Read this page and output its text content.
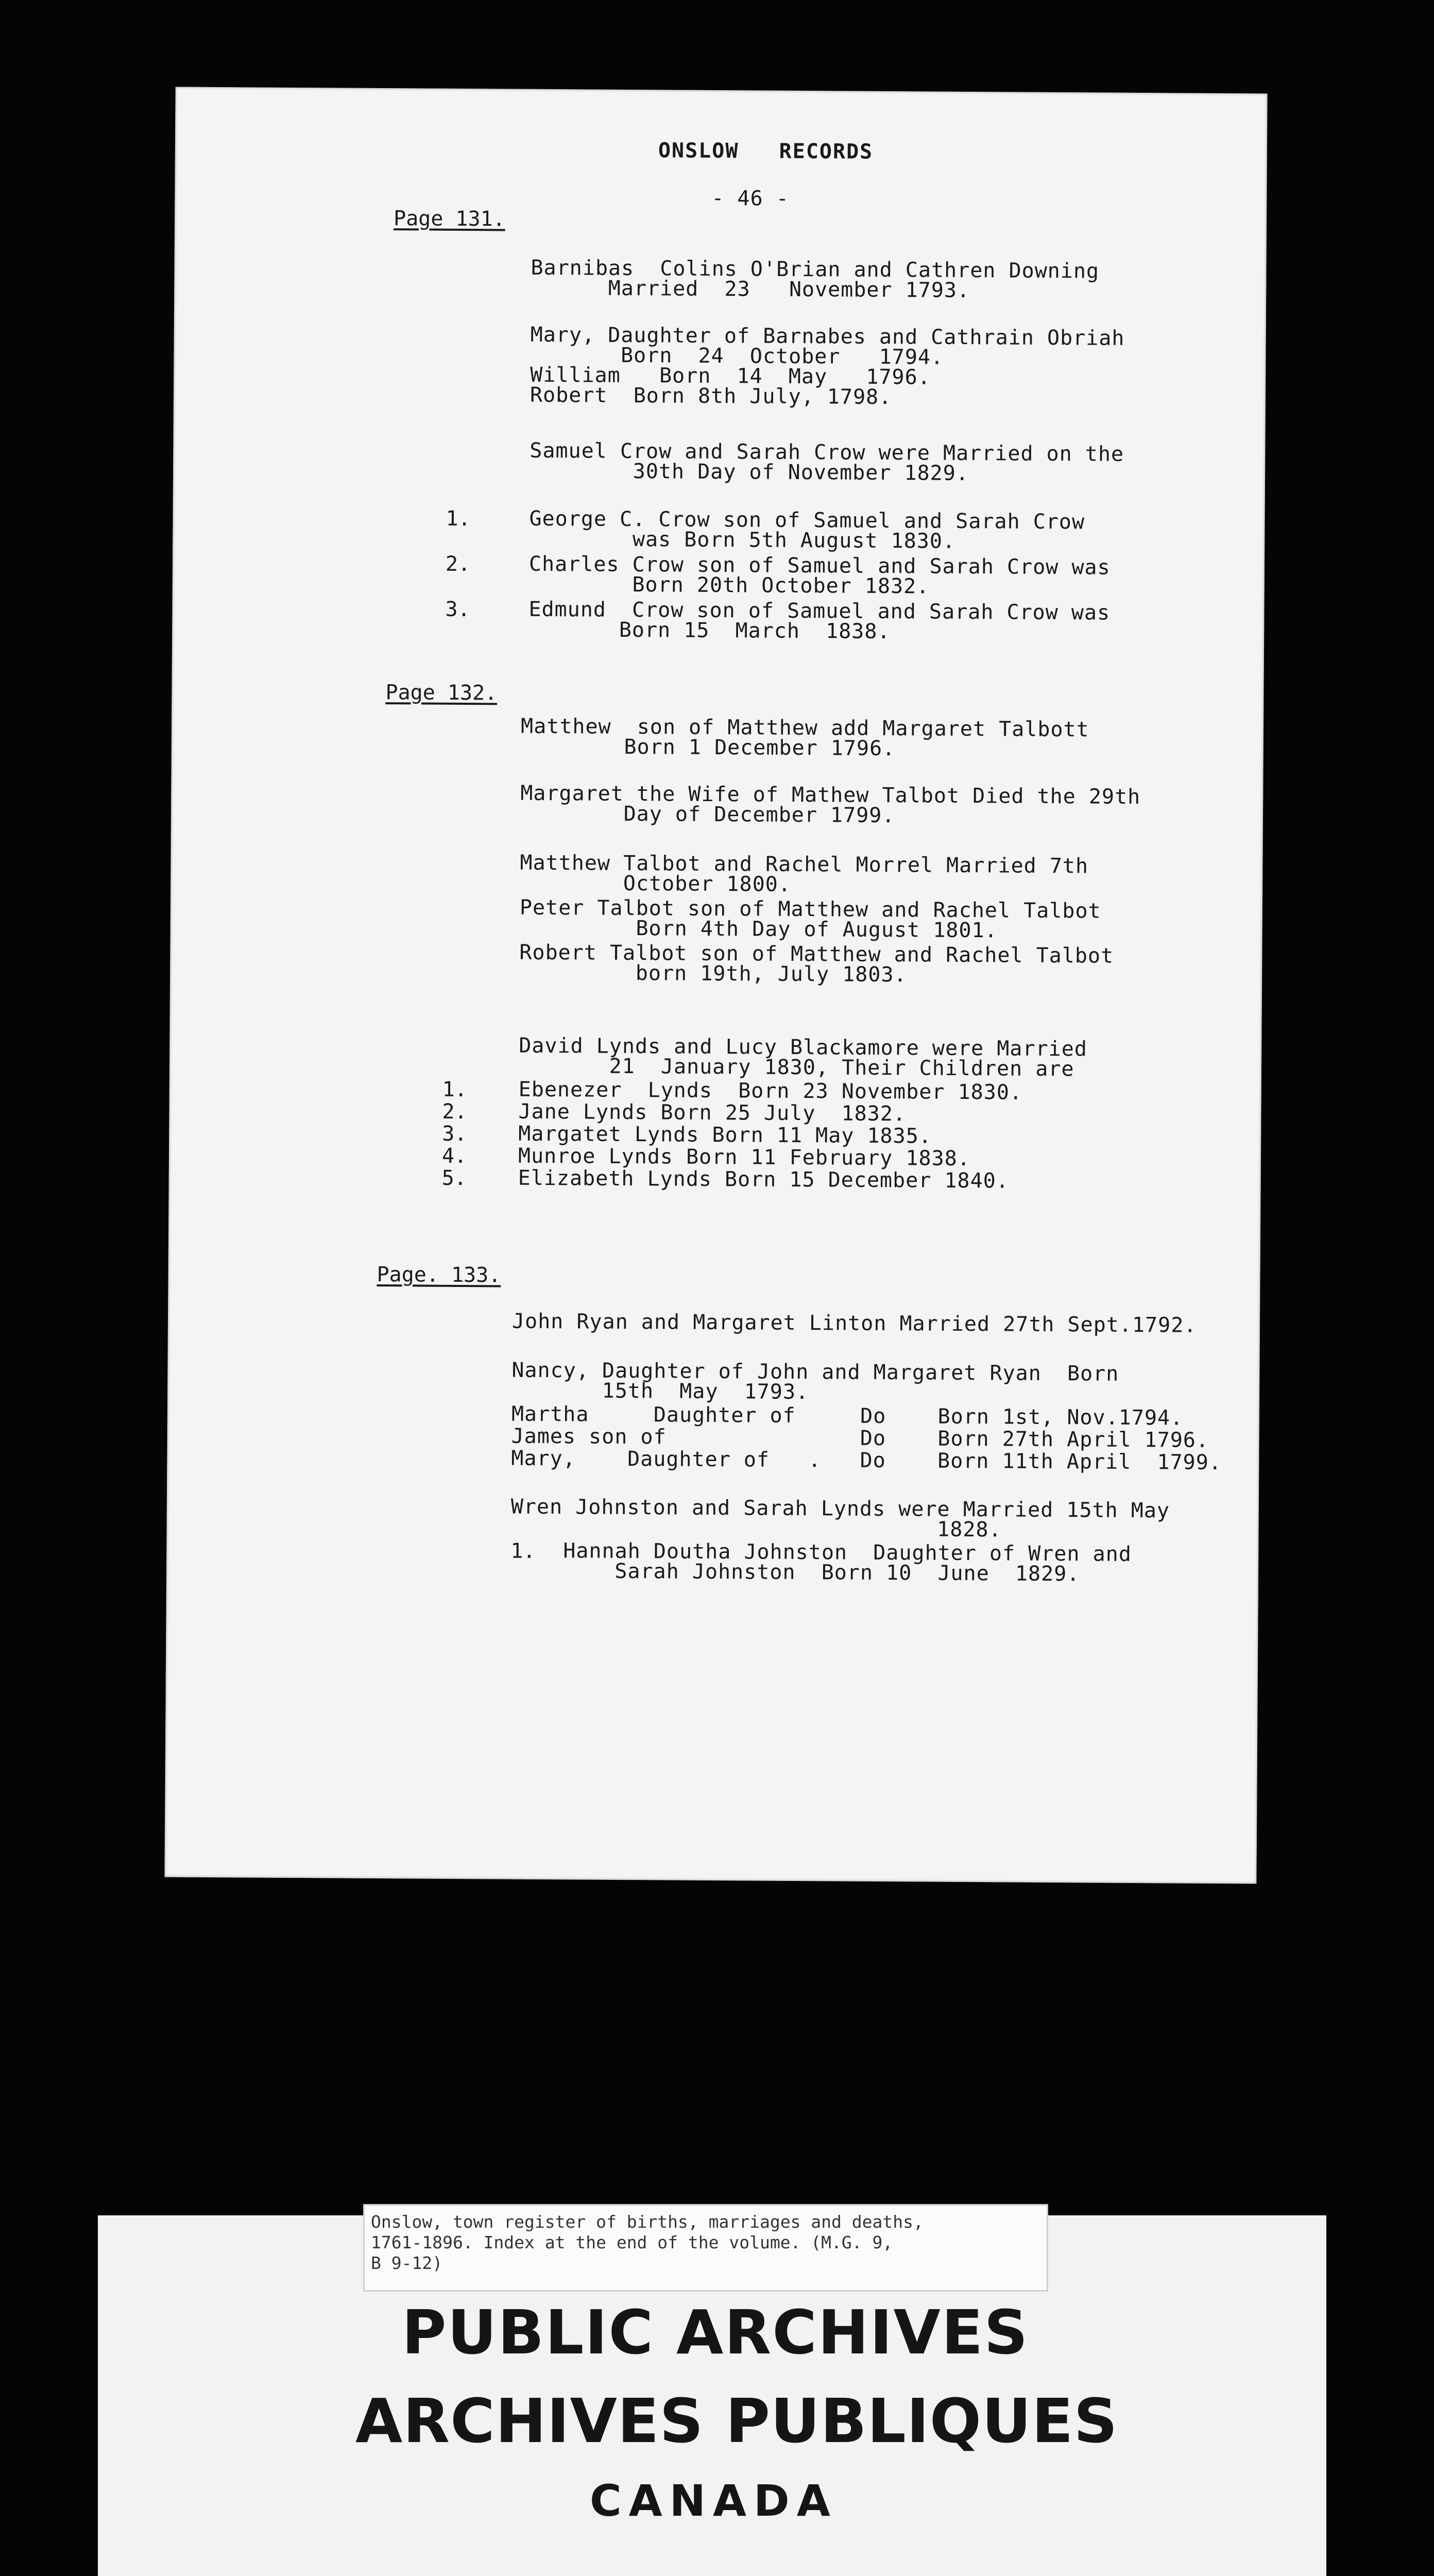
ONSLOW   RECORDS
- 46 -
Page 131.
Barnibas  Colins O'Brian and Cathren Downing
Married  23   November 1793.
Mary, Daughter of Barnabes and Cathrain Obriah
Born  24  October   1794.
William   Born  14  May   1796.
Robert  Born 8th July, 1798.
Samuel Crow and Sarah Crow were Married on the
30th Day of November 1829.
1.	George C. Crow son of Samuel and Sarah Crow
was Born 5th August 1830.
2.	Charles Crow son of Samuel and Sarah Crow was
Born 20th October 1832.
3.	Edmund  Crow son of Samuel and Sarah Crow was
Born 15  March  1838.
Page 132.
Matthew  son of Matthew add Margaret Talbott
Born 1 December 1796.
Margaret the Wife of Mathew Talbot Died the 29th
Day of December 1799.
Matthew Talbot and Rachel Morrel Married 7th
October 1800.
Peter Talbot son of Matthew and Rachel Talbot
Born 4th Day of August 1801.
Robert Talbot son of Matthew and Rachel Talbot
born 19th, July 1803.
David Lynds and Lucy Blackamore were Married
21  January 1830, Their Children are
1. Ebenezer  Lynds  Born 23 November 1830.
2. Jane Lynds Born 25 July  1832.
3. Margatet Lynds Born 11 May 1835.
4. Munroe Lynds Born 11 February 1838.
5. Elizabeth Lynds Born 15 December 1840.
Page. 133.
John Ryan and Margaret Linton Married 27th Sept.1792.
Nancy, Daughter of John and Margaret Ryan  Born
15th  May  1793.
Martha     Daughter of     Do    Born 1st, Nov.1794.
James son of               Do    Born 27th April 1796.
Mary,    Daughter of   .   Do    Born 11th April  1799.
Wren Johnston and Sarah Lynds were Married 15th May
1828.
1. Hannah Doutha Johnston  Daughter of Wren and
Sarah Johnston  Born 10  June  1829.
Onslow, town register of births, marriages and deaths,
1761-1896. Index at the end of the volume. (M.G. 9,
B 9-12)
PUBLIC ARCHIVES
ARCHIVES PUBLIQUES
CANADA
